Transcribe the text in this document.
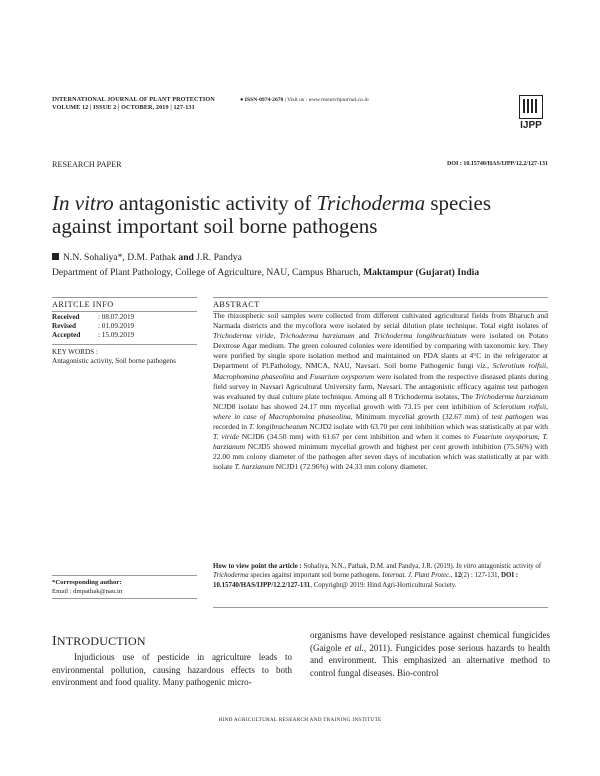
INTERNATIONAL JOURNAL OF PLANT PROTECTION
VOLUME 12 | ISSUE 2 | OCTOBER, 2019 | 127-131
● ISSN-0974-2670 | Visit us : www.researchjournal.co.in
IJPP
RESEARCH PAPER	DOI : 10.15740/HAS/IJPP/12.2/127-131
In vitro antagonistic activity of Trichoderma species against important soil borne pathogens
N.N. Sohaliya*, D.M. Pathak and J.R. Pandya
Department of Plant Pathology, College of Agriculture, NAU, Campus Bharuch, Maktampur (Gujarat) India
ARITCLE INFO
Received	: 08.07.2019
Revised	: 01.09.2019
Accepted : 15.09.2019
KEY WORDS :
Antagonistic activity, Soil borne pathogens
*Corresponding author:
Email : dmpathak@nau.in
ABSTRACT
The rhizospheric soil samples were collected from different cultivated agricultural fields from Bharuch and Narmada districts and the mycoflora were isolated by serial dilution plate technique. Total eight isolates of Trichoderma viride, Trichoderma harzianum and Trichoderma longibrachiatum were isolated on Potato Dextrose Agar medium. The green coloured colonies were identified by comparing with taxonomic key. They were purified by single spore isolation method and maintained on PDA slants at 4°C in the refrigerator at Department of Pl.Pathology, NMCA, NAU, Navsari. Soil borne Pathogenic fungi viz., Sclerotium rolfsii, Macrophomina phaseolina and Fusarium oxysporum were isolated from the respective diseased plants during field survey in Navsari Agricultural University farm, Navsari. The antagonistic efficacy against test pathogen was evaluated by dual culture plate technique. Among all 8 Trichoderma isolates, The Trichoderma harzianum NCJD8 isolate has showed 24.17 mm mycelial growth with 73.15 per cent inhibition of Sclerotium rolfsii, where in case of Macrophomina phaseolina, Minimum mycelial growth (32.67 mm) of test pathogen was recorded in T. longibracheatum NCJD2 isolate with 63.70 per cent inhibition which was statistically at par with T. viride NCJD6 (34.50 mm) with 61.67 per cent inhibition and when it comes to Fusarium oxysporum, T. harzianum NCJD5 showed minimum mycelial growth and highest per cent growth inhibition (75.56%) with 22.00 mm colony diameter of the pathogen after seven days of incubation which was statistically at par with isolate T. harzianum NCJD1 (72.96%) with 24.33 mm colony diameter.
How to view point the article : Sohaliya, N.N., Pathak, D.M. and Pandya, J.R. (2019). In vitro antagonistic activity of Trichoderma species against important soil borne pathogens. Internat. J. Plant Protec., 12(2) : 127-131, DOI : 10.15740/HAS/IJPP/12.2/127-131, Copyright@ 2019: Hind Agri-Horticultural Society.
INTRODUCTION
Injudicious use of pesticide in agriculture leads to environmental pollution, causing hazardous effects to both environment and food quality. Many pathogenic micro-
organisms have developed resistance against chemical fungicides (Gaigole et al., 2011). Fungicides pose serious hazards to health and environment. This emphasized an alternative method to control fungal diseases. Bio-control
HIND AGRICULTURAL RESEARCH AND TRAINING INSTITUTE
